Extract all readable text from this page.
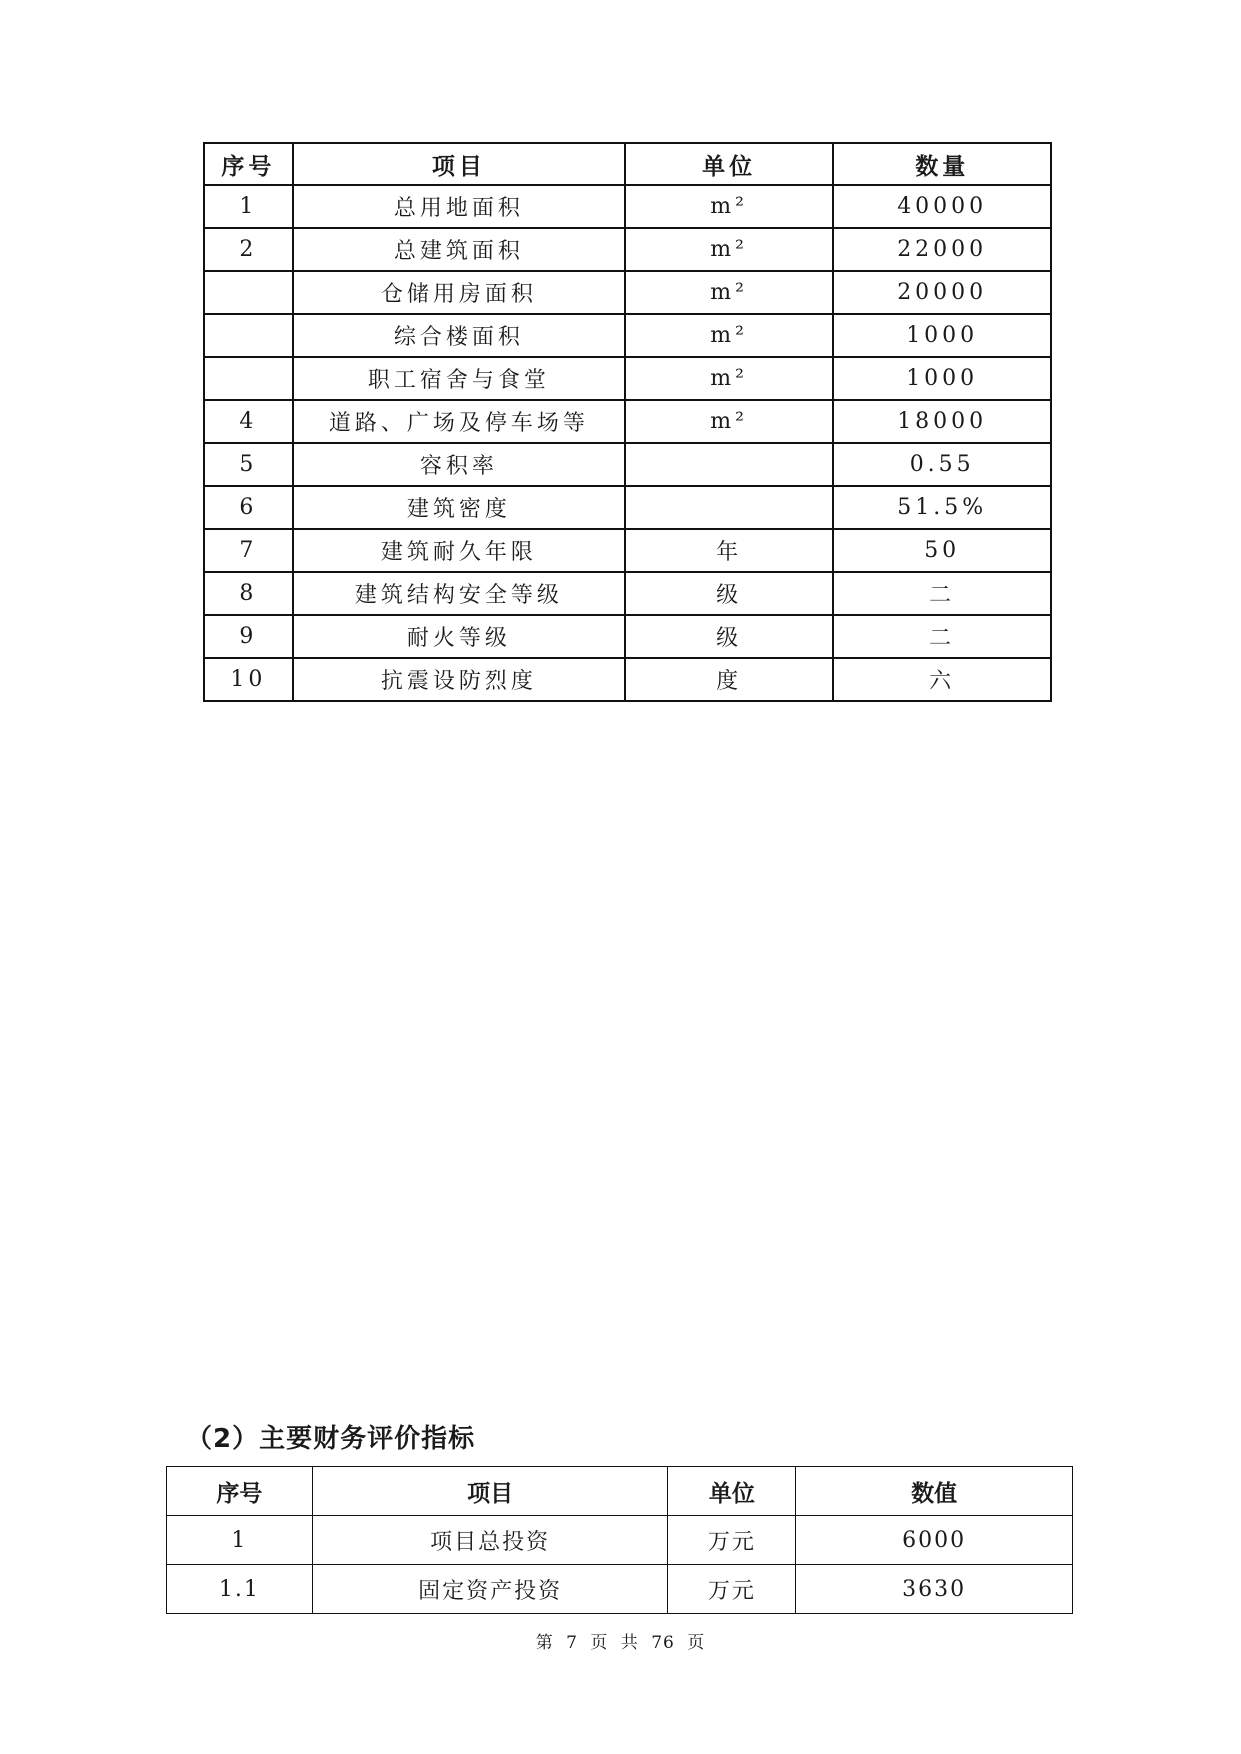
序号	项目	单位	数量
1	总用地面积	m²	40000
2	总建筑面积	m²	22000
	仓储用房面积	m²	20000
	综合楼面积	m²	1000
	职工宿舍与食堂	m²	1000
4	道路、广场及停车场等	m²	18000
5	容积率		0.55
6	建筑密度		51.5%
7	建筑耐久年限	年	50
8	建筑结构安全等级	级	二
9	耐火等级	级	二
10	抗震设防烈度	度	六
（2）主要财务评价指标
序号	项目	单位	数值
1	项目总投资	万元	6000
1.1	固定资产投资	万元	3630
第 7 页 共 76 页
